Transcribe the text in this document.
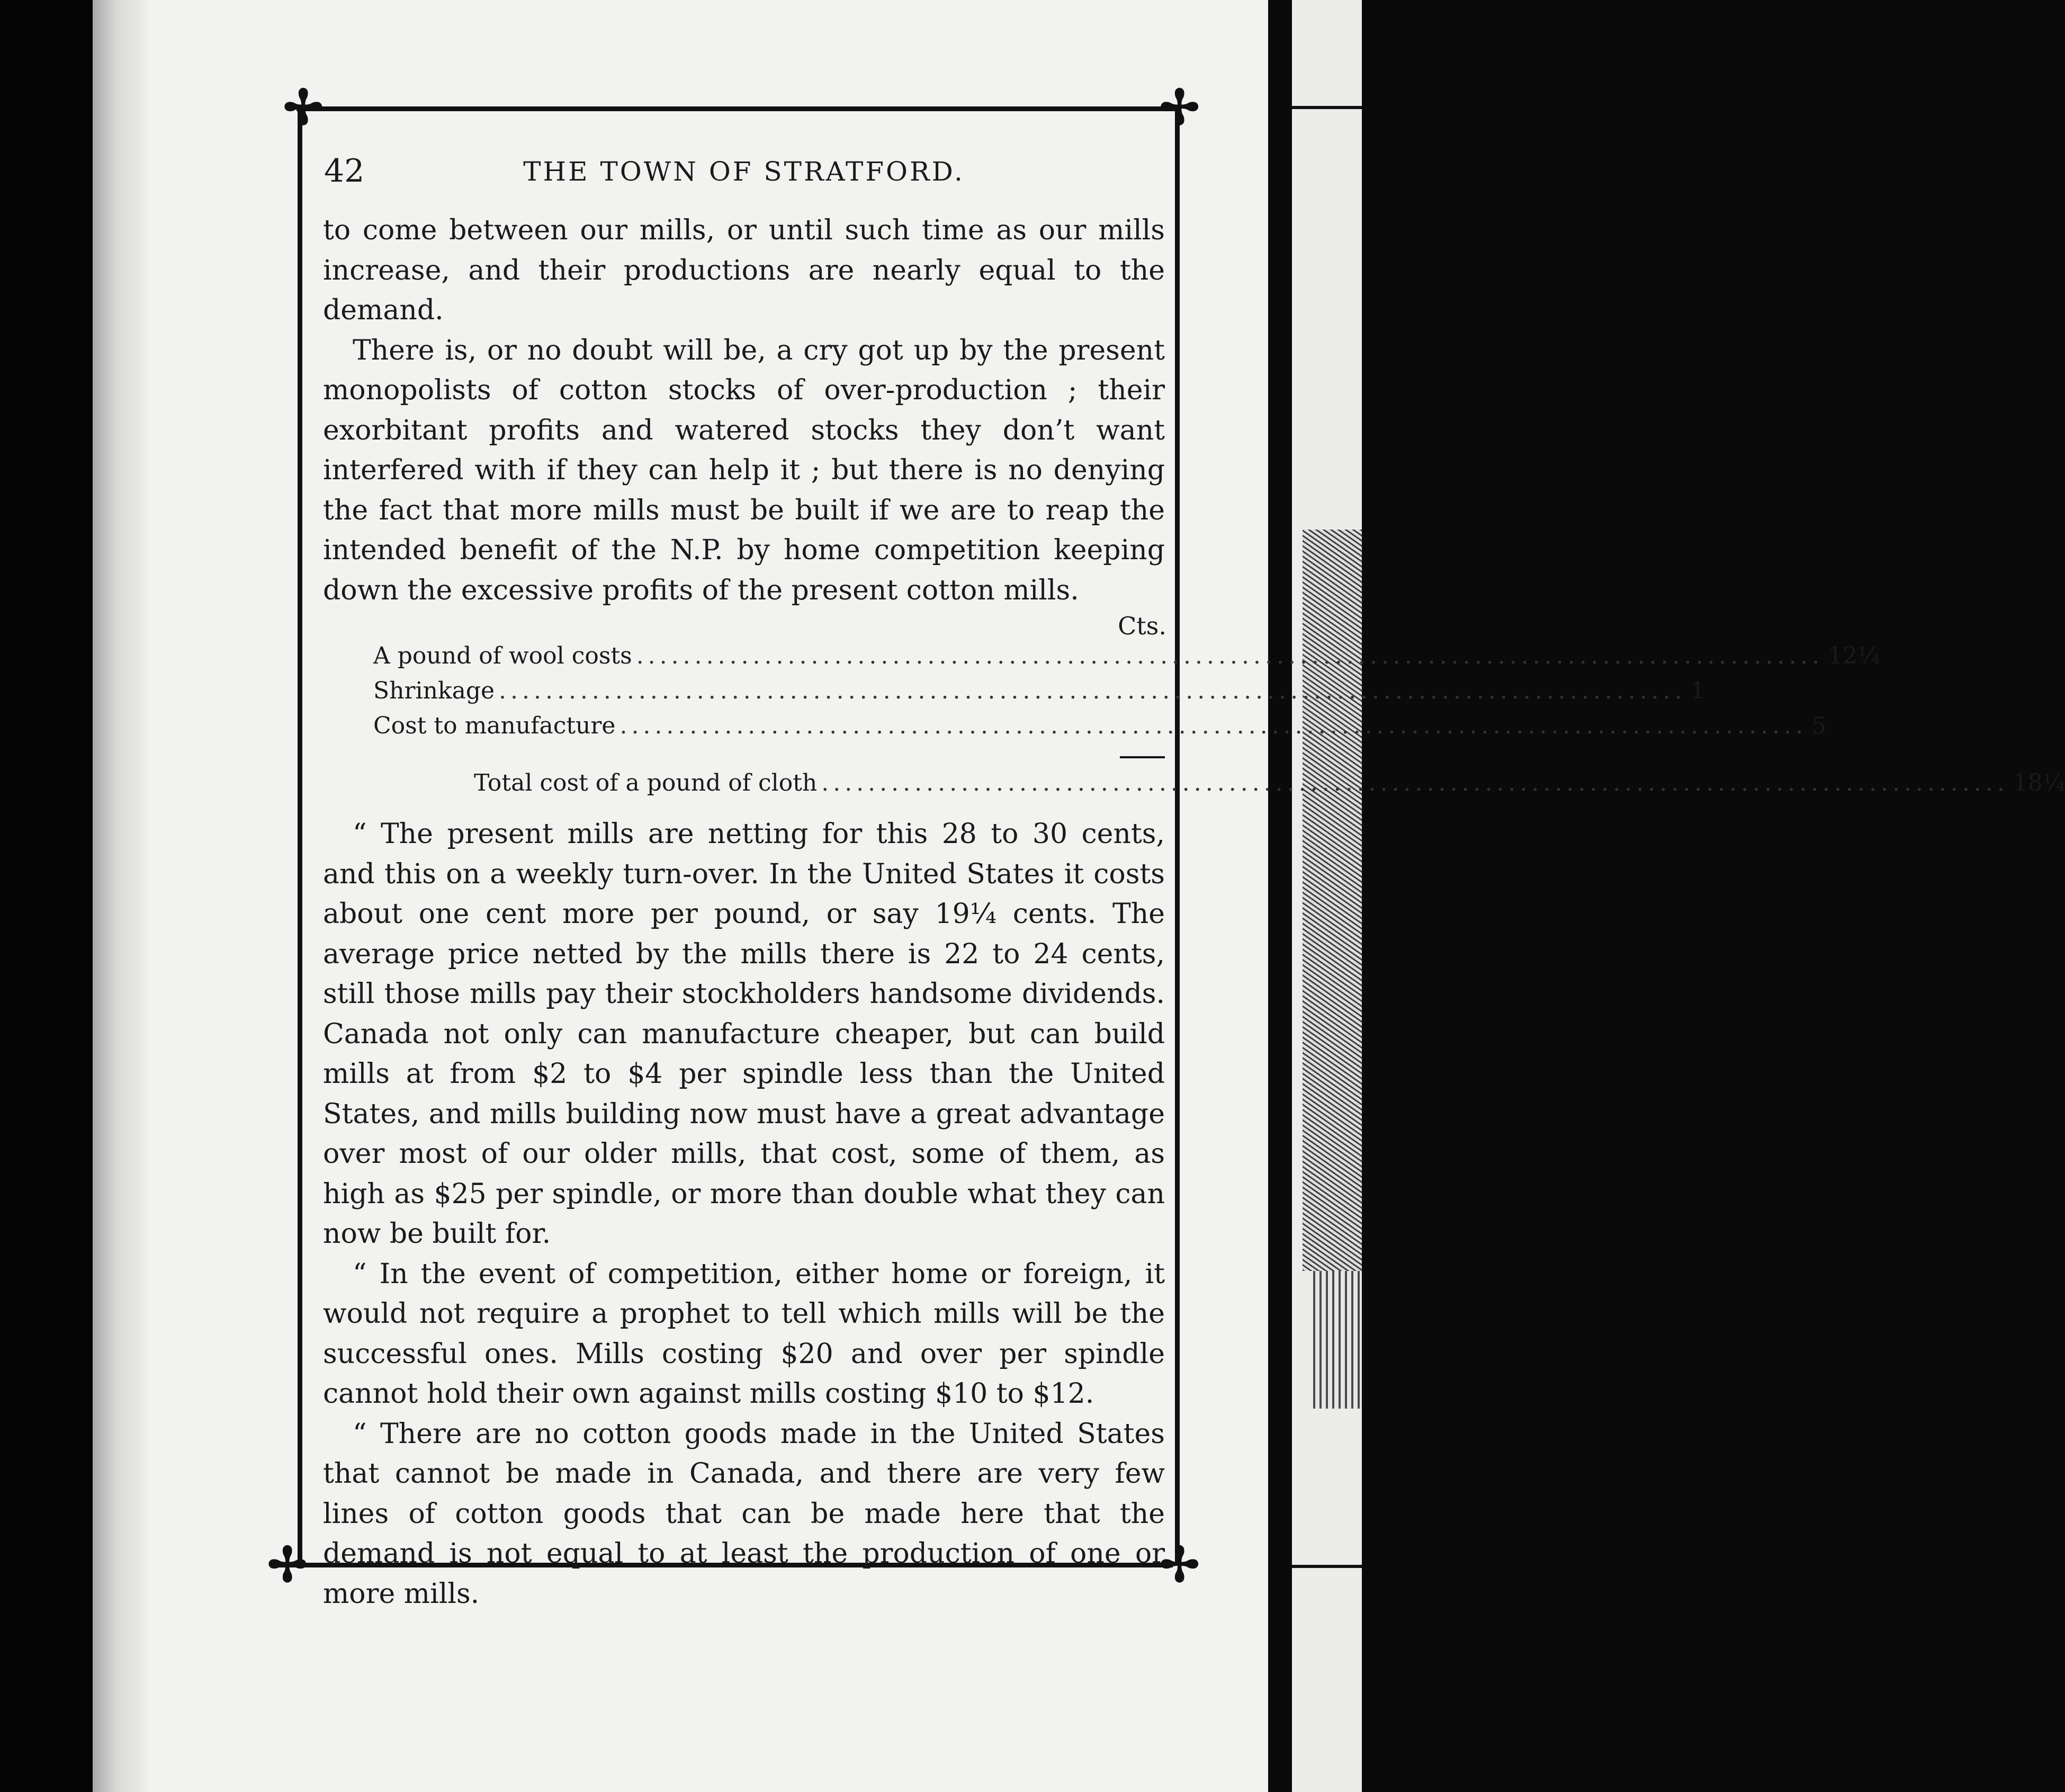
✢	✢
✢	✢
42	THE TOWN OF STRATFORD.

to come between our mills, or until such time as our mills increase, and their productions are nearly equal to the demand.

There is, or no doubt will be, a cry got up by the present monopolists of cotton stocks of over-production ; their exorbitant profits and watered stocks they don’t want interfered with if they can help it ; but there is no denying the fact that more mills must be built if we are to reap the intended benefit of the N.P. by home competition keeping down the excessive profits of the present cotton mills.

Cts.
A pound of wool costs ...................................................................................................... 12¼
Shrinkage ...................................................................................................... 1
Cost to manufacture ...................................................................................................... 5
Total cost of a pound of cloth ...................................................................................................... 18¼

“ The present mills are netting for this 28 to 30 cents, and this on a weekly turn-over. In the United States it costs about one cent more per pound, or say 19¼ cents. The average price netted by the mills there is 22 to 24 cents, still those mills pay their stockholders handsome dividends. Canada not only can manufacture cheaper, but can build mills at from $2 to $4 per spindle less than the United States, and mills building now must have a great advantage over most of our older mills, that cost, some of them, as high as $25 per spindle, or more than double what they can now be built for.

“ In the event of competition, either home or foreign, it would not require a prophet to tell which mills will be the successful ones. Mills costing $20 and over per spindle cannot hold their own against mills costing $10 to $12.

“ There are no cotton goods made in the United States that cannot be made in Canada, and there are very few lines of cotton goods that can be made here that the demand is not equal to at least the production of one or more mills.
